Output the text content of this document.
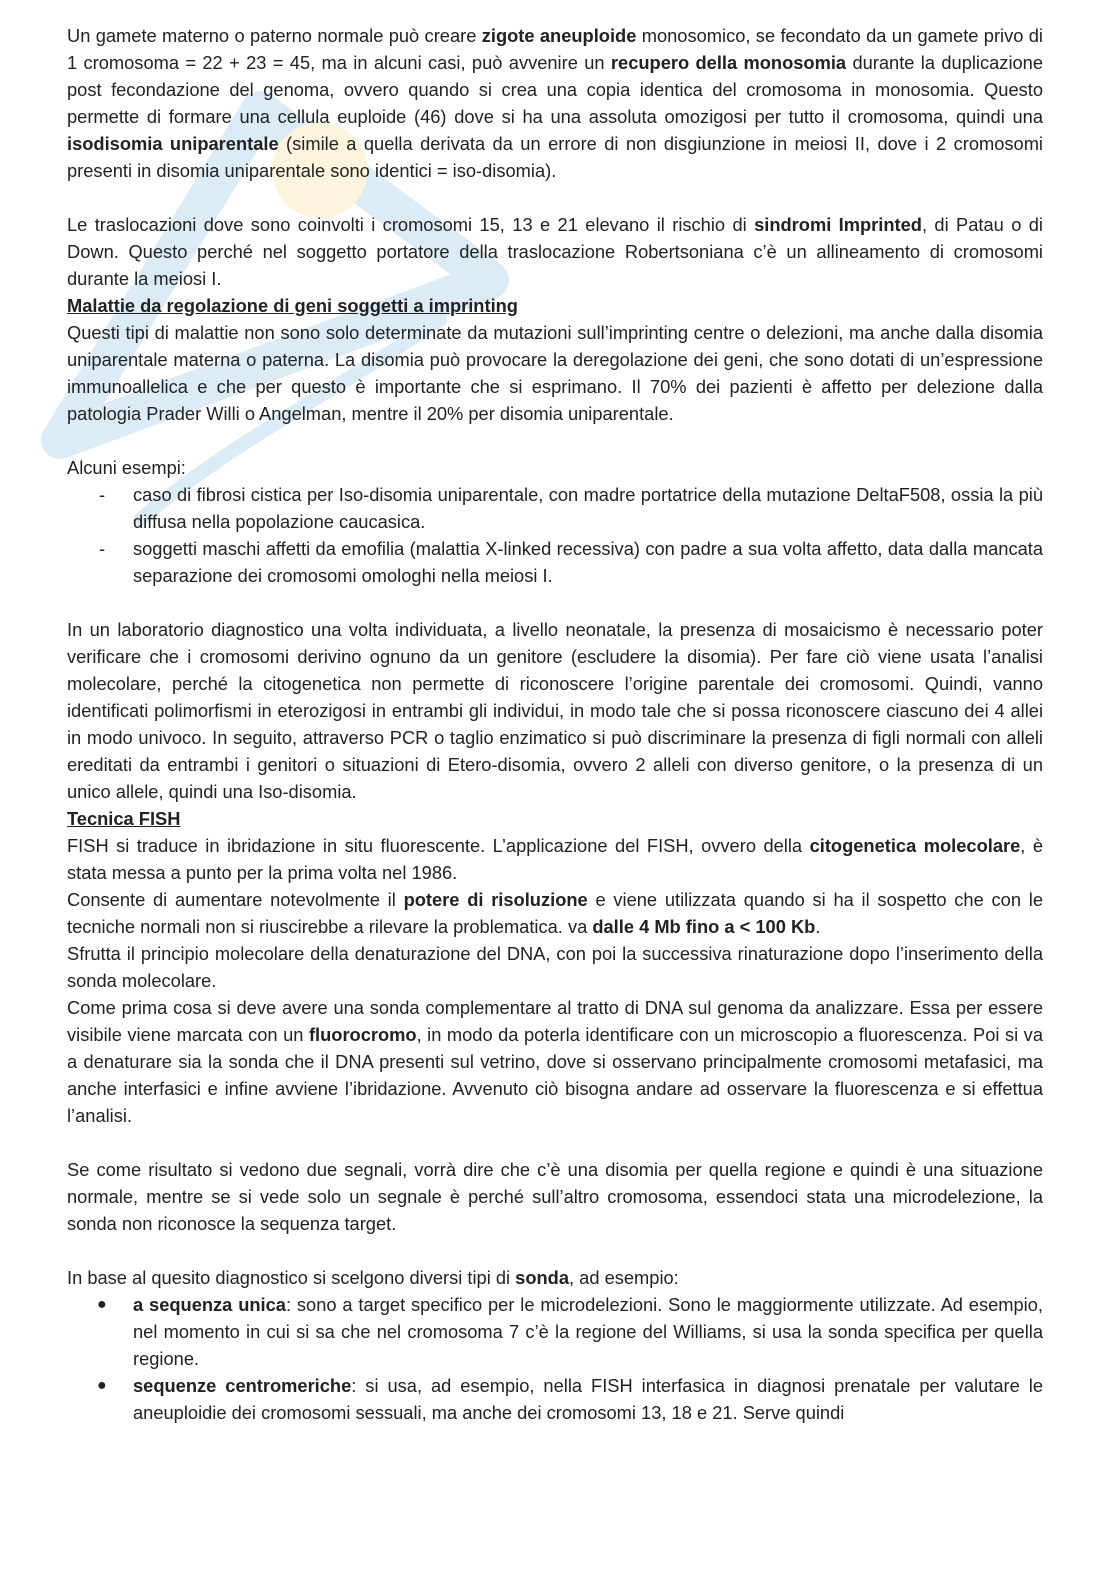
Un gamete materno o paterno normale può creare zigote aneuploide monosomico, se fecondato da un gamete privo di 1 cromosoma = 22 + 23 = 45, ma in alcuni casi, può avvenire un recupero della monosomia durante la duplicazione post fecondazione del genoma, ovvero quando si crea una copia identica del cromosoma in monosomia. Questo permette di formare una cellula euploide (46) dove si ha una assoluta omozigosi per tutto il cromosoma, quindi una isodisomia uniparentale (simile a quella derivata da un errore di non disgiunzione in meiosi II, dove i 2 cromosomi presenti in disomia uniparentale sono identici = iso-disomia).

Le traslocazioni dove sono coinvolti i cromosomi 15, 13 e 21 elevano il rischio di sindromi Imprinted, di Patau o di Down. Questo perché nel soggetto portatore della traslocazione Robertsoniana c’è un allineamento di cromosomi durante la meiosi I.

Malattie da regolazione di geni soggetti a imprinting

Questi tipi di malattie non sono solo determinate da mutazioni sull’imprinting centre o delezioni, ma anche dalla disomia uniparentale materna o paterna. La disomia può provocare la deregolazione dei geni, che sono dotati di un’espressione immunoallelica e che per questo è importante che si esprimano. Il 70% dei pazienti è affetto per delezione dalla patologia Prader Willi o Angelman, mentre il 20% per disomia uniparentale.

Alcuni esempi:

- caso di fibrosi cistica per Iso-disomia uniparentale, con madre portatrice della mutazione DeltaF508, ossia la più diffusa nella popolazione caucasica.
- soggetti maschi affetti da emofilia (malattia X-linked recessiva) con padre a sua volta affetto, data dalla mancata separazione dei cromosomi omologhi nella meiosi I.

In un laboratorio diagnostico una volta individuata, a livello neonatale, la presenza di mosaicismo è necessario poter verificare che i cromosomi derivino ognuno da un genitore (escludere la disomia). Per fare ciò viene usata l’analisi molecolare, perché la citogenetica non permette di riconoscere l’origine parentale dei cromosomi. Quindi, vanno identificati polimorfismi in eterozigosi in entrambi gli individui, in modo tale che si possa riconoscere ciascuno dei 4 allei in modo univoco. In seguito, attraverso PCR o taglio enzimatico si può discriminare la presenza di figli normali con alleli ereditati da entrambi i genitori o situazioni di Etero-disomia, ovvero 2 alleli con diverso genitore, o la presenza di un unico allele, quindi una Iso-disomia.

Tecnica FISH

FISH si traduce in ibridazione in situ fluorescente. L’applicazione del FISH, ovvero della citogenetica molecolare, è stata messa a punto per la prima volta nel 1986.

Consente di aumentare notevolmente il potere di risoluzione e viene utilizzata quando si ha il sospetto che con le tecniche normali non si riuscirebbe a rilevare la problematica. va dalle 4 Mb fino a < 100 Kb.

Sfrutta il principio molecolare della denaturazione del DNA, con poi la successiva rinaturazione dopo l’inserimento della sonda molecolare.

Come prima cosa si deve avere una sonda complementare al tratto di DNA sul genoma da analizzare. Essa per essere visibile viene marcata con un fluorocromo, in modo da poterla identificare con un microscopio a fluorescenza. Poi si va a denaturare sia la sonda che il DNA presenti sul vetrino, dove si osservano principalmente cromosomi metafasici, ma anche interfasici e infine avviene l’ibridazione. Avvenuto ciò bisogna andare ad osservare la fluorescenza e si effettua l’analisi.

Se come risultato si vedono due segnali, vorrà dire che c’è una disomia per quella regione e quindi è una situazione normale, mentre se si vede solo un segnale è perché sull’altro cromosoma, essendoci stata una microdelezione, la sonda non riconosce la sequenza target.

In base al quesito diagnostico si scelgono diversi tipi di sonda, ad esempio:

● a sequenza unica: sono a target specifico per le microdelezioni. Sono le maggiormente utilizzate. Ad esempio, nel momento in cui si sa che nel cromosoma 7 c’è la regione del Williams, si usa la sonda specifica per quella regione.
● sequenze centromeriche: si usa, ad esempio, nella FISH interfasica in diagnosi prenatale per valutare le aneuploidie dei cromosomi sessuali, ma anche dei cromosomi 13, 18 e 21. Serve quindi
